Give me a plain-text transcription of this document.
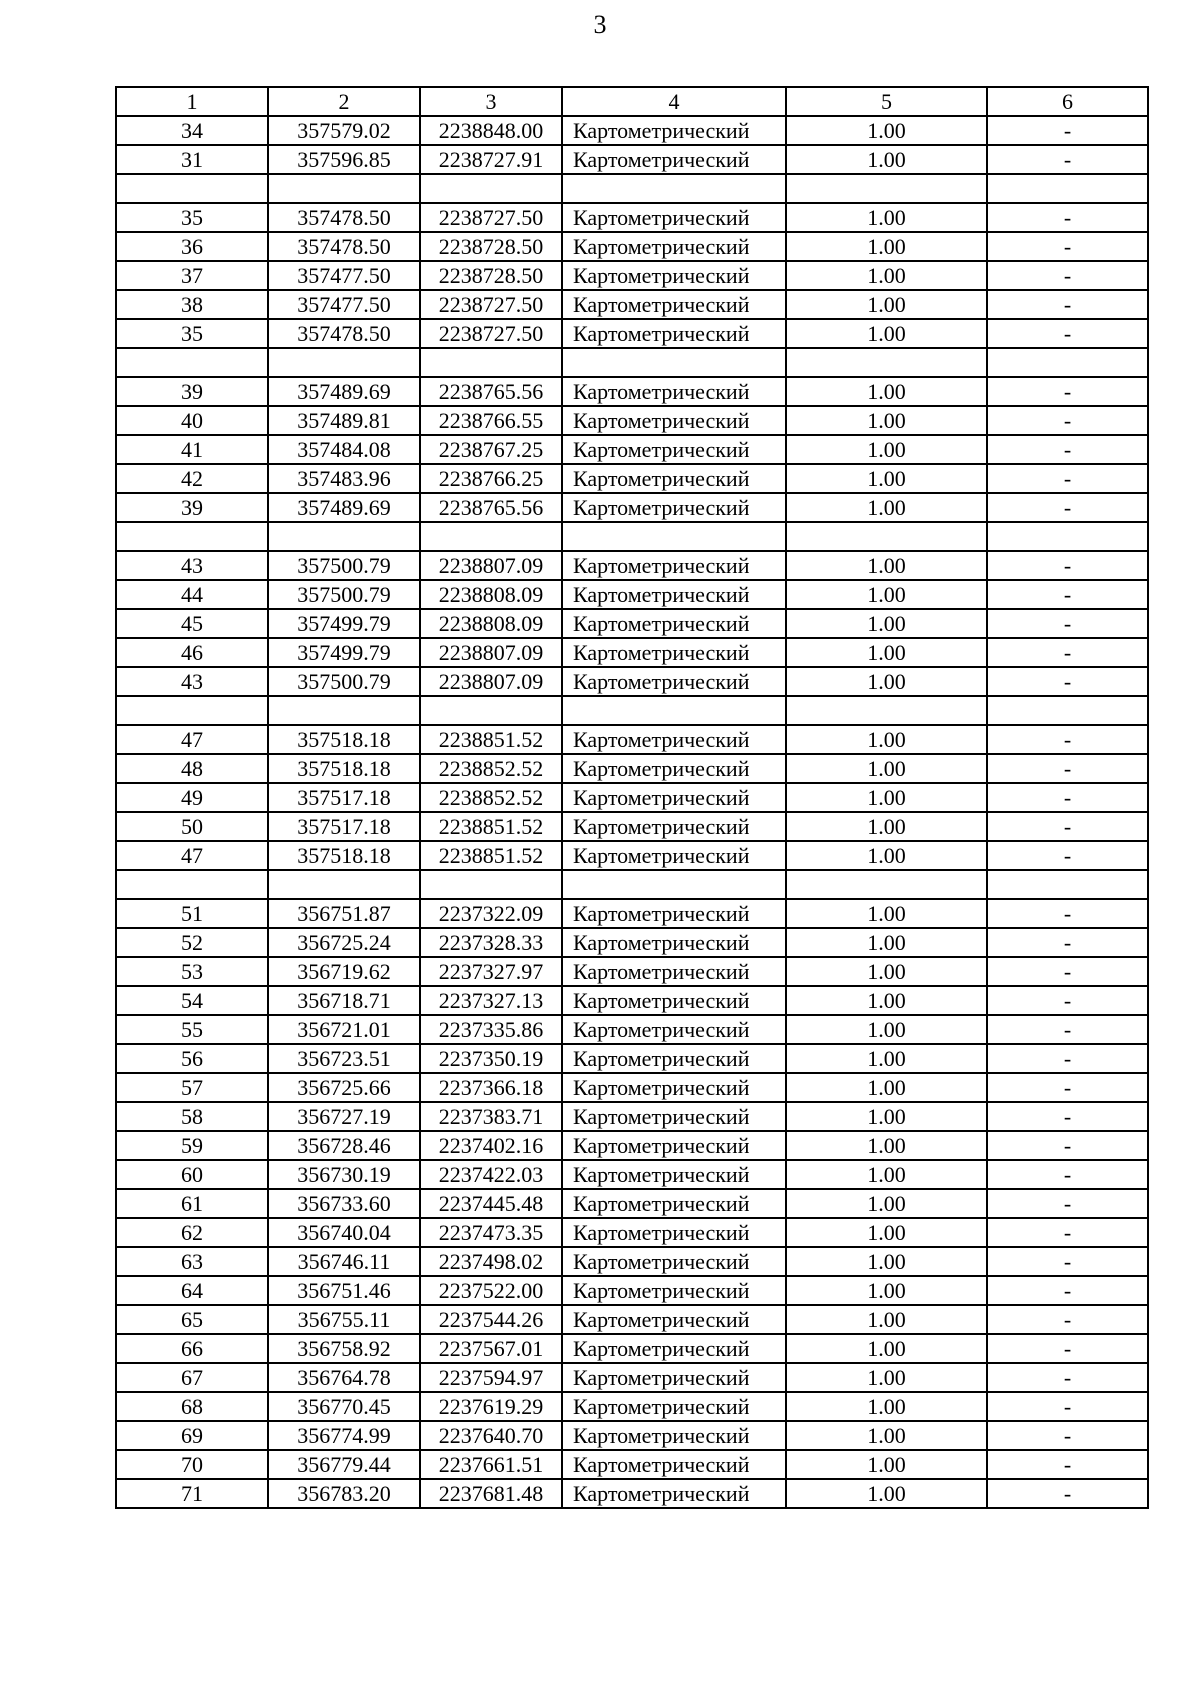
3
1	2	3	4	5	6
34	357579.02	2238848.00	Картометрический	1.00	-
31	357596.85	2238727.91	Картометрический	1.00	-

35	357478.50	2238727.50	Картометрический	1.00	-
36	357478.50	2238728.50	Картометрический	1.00	-
37	357477.50	2238728.50	Картометрический	1.00	-
38	357477.50	2238727.50	Картометрический	1.00	-
35	357478.50	2238727.50	Картометрический	1.00	-

39	357489.69	2238765.56	Картометрический	1.00	-
40	357489.81	2238766.55	Картометрический	1.00	-
41	357484.08	2238767.25	Картометрический	1.00	-
42	357483.96	2238766.25	Картометрический	1.00	-
39	357489.69	2238765.56	Картометрический	1.00	-

43	357500.79	2238807.09	Картометрический	1.00	-
44	357500.79	2238808.09	Картометрический	1.00	-
45	357499.79	2238808.09	Картометрический	1.00	-
46	357499.79	2238807.09	Картометрический	1.00	-
43	357500.79	2238807.09	Картометрический	1.00	-

47	357518.18	2238851.52	Картометрический	1.00	-
48	357518.18	2238852.52	Картометрический	1.00	-
49	357517.18	2238852.52	Картометрический	1.00	-
50	357517.18	2238851.52	Картометрический	1.00	-
47	357518.18	2238851.52	Картометрический	1.00	-

51	356751.87	2237322.09	Картометрический	1.00	-
52	356725.24	2237328.33	Картометрический	1.00	-
53	356719.62	2237327.97	Картометрический	1.00	-
54	356718.71	2237327.13	Картометрический	1.00	-
55	356721.01	2237335.86	Картометрический	1.00	-
56	356723.51	2237350.19	Картометрический	1.00	-
57	356725.66	2237366.18	Картометрический	1.00	-
58	356727.19	2237383.71	Картометрический	1.00	-
59	356728.46	2237402.16	Картометрический	1.00	-
60	356730.19	2237422.03	Картометрический	1.00	-
61	356733.60	2237445.48	Картометрический	1.00	-
62	356740.04	2237473.35	Картометрический	1.00	-
63	356746.11	2237498.02	Картометрический	1.00	-
64	356751.46	2237522.00	Картометрический	1.00	-
65	356755.11	2237544.26	Картометрический	1.00	-
66	356758.92	2237567.01	Картометрический	1.00	-
67	356764.78	2237594.97	Картометрический	1.00	-
68	356770.45	2237619.29	Картометрический	1.00	-
69	356774.99	2237640.70	Картометрический	1.00	-
70	356779.44	2237661.51	Картометрический	1.00	-
71	356783.20	2237681.48	Картометрический	1.00	-
